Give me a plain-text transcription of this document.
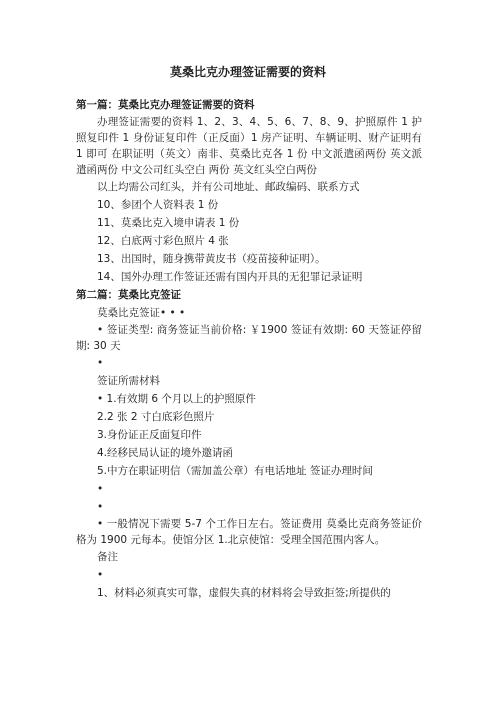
莫桑比克办理签证需要的资料

第一篇：莫桑比克办理签证需要的资料

办理签证需要的资料 1、2、3、4、5、6、7、8、9、护照原件 1 护照复印件 1 身份证复印件（正反面）1 房产证明、车辆证明、财产证明有 1 即可 在职证明（英文）南非、莫桑比克各 1 份 中文派遣函两份 英文派遣函两份 中文公司红头空白 两份 英文红头空白两份

以上均需公司红头，并有公司地址、邮政编码、联系方式

10、参团个人资料表 1 份

11、莫桑比克入境申请表 1 份

12、白底两寸彩色照片 4 张

13、出国时，随身携带黄皮书（疫苗接种证明）。

14、国外办理工作签证还需有国内开具的无犯罪记录证明

第二篇：莫桑比克签证

莫桑比克签证• • •

• 签证类型: 商务签证当前价格: ￥1900 签证有效期: 60 天签证停留期: 30 天

•

签证所需材料

• 1.有效期 6 个月以上的护照原件

2.2 张 2 寸白底彩色照片

3.身份证正反面复印件

4.经移民局认证的境外邀请函

5.中方在职证明信（需加盖公章）有电话地址 签证办理时间

•

•

• 一般情况下需要 5-7 个工作日左右。签证费用 莫桑比克商务签证价格为 1900 元每本。使馆分区 1.北京使馆：受理全国范围内客人。

备注

•

1、材料必须真实可靠，虚假失真的材料将会导致拒签;所提供的
